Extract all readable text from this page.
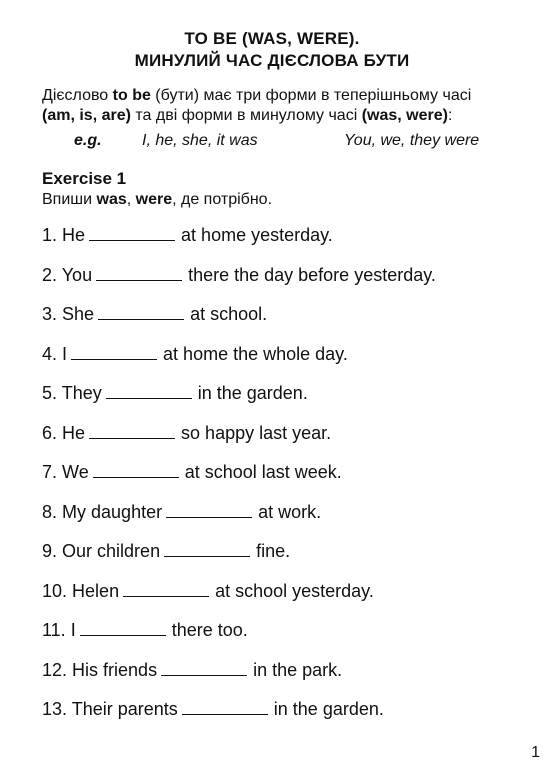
TO BE (WAS, WERE).
МИНУЛИЙ ЧАС ДІЄСЛОВА БУТИ
Дієслово to be (бути) має три форми в теперішньому часі (am, is, are) та дві форми в минулому часі (was, were):
e.g.	I, he, she, it was	You, we, they were
Exercise 1
Впиши was, were, де потрібно.
1. He	at home yesterday.
2. You	there the day before yesterday.
3. She	at school.
4. I	at home the whole day.
5. They	in the garden.
6. He	so happy last year.
7. We	at school last week.
8. My daughter	at work.
9. Our children	fine.
10. Helen	at school yesterday.
11. I	there too.
12. His friends	in the park.
13. Their parents	in the garden.
1
